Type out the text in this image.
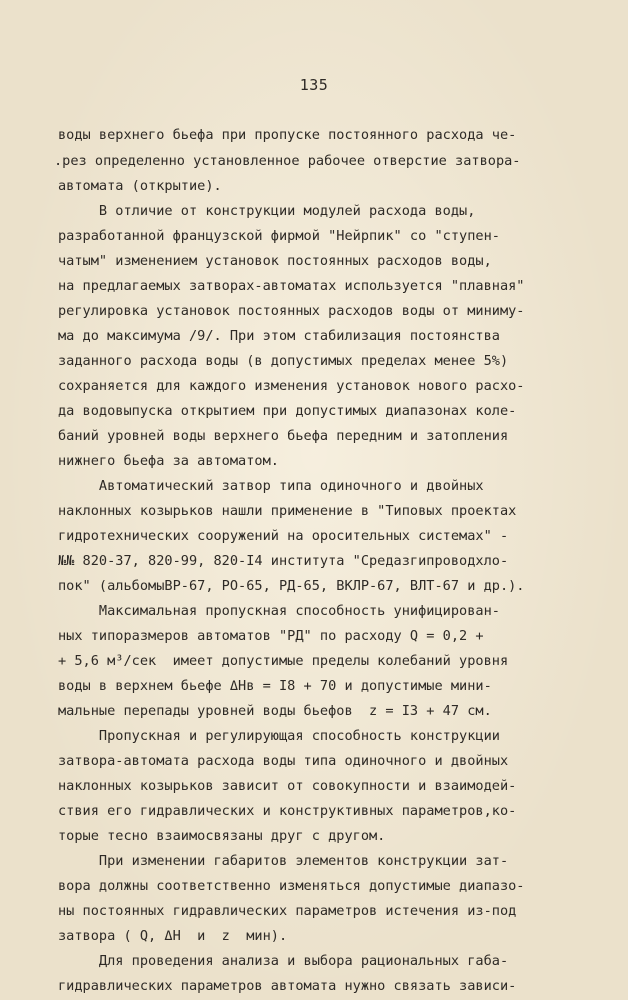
135
воды верхнего бьефа при пропуске постоянного расхода че-
.рез определенно установленное рабочее отверстие затвора-
автомата (открытие).
В отличие от конструкции модулей расхода воды,
разработанной французской фирмой "Нейрпик" со "ступен-
чатым" изменением установок постоянных расходов воды,
на предлагаемых затворах-автоматах используется "плавная"
регулировка установок постоянных расходов воды от миниму-
ма до максимума /9/. При этом стабилизация постоянства
заданного расхода воды (в допустимых пределах менее 5%)
сохраняется для каждого изменения установок нового расхо-
да водовыпуска открытием при допустимых диапазонах коле-
баний уровней воды верхнего бьефа передним и затопления
нижнего бьефа за автоматом.
Автоматический затвор типа одиночного и двойных
наклонных козырьков нашли применение в "Типовых проектах
гидротехнических сооружений на оросительных системах" -
№№ 820-37, 820-99, 820-I4 института "Средазгипроводхло-
пок" (альбомыВР-67, РО-65, РД-65, ВКЛР-67, ВЛТ-67 и др.).
Максимальная пропускная способность унифицирован-
ных типоразмеров автоматов "РД" по расходу Q = 0,2 +
+ 5,6 м³/сек  имеет допустимые пределы колебаний уровня
воды в верхнем бьефе ΔHв = I8 + 70 и допустимые мини-
мальные перепады уровней воды бьефов  z = I3 + 47 см.
Пропускная и регулирующая способность конструкции
затвора-автомата расхода воды типа одиночного и двойных
наклонных козырьков зависит от совокупности и взаимодей-
ствия его гидравлических и конструктивных параметров,ко-
торые тесно взаимосвязаны друг с другом.
При изменении габаритов элементов конструкции зат-
вора должны соответственно изменяться допустимые диапазо-
ны постоянных гидравлических параметров истечения из-под
затвора ( Q, ΔH  и  z  мин).
Для проведения анализа и выбора рациональных габа-
гидравлических параметров автомата нужно связать зависи-
